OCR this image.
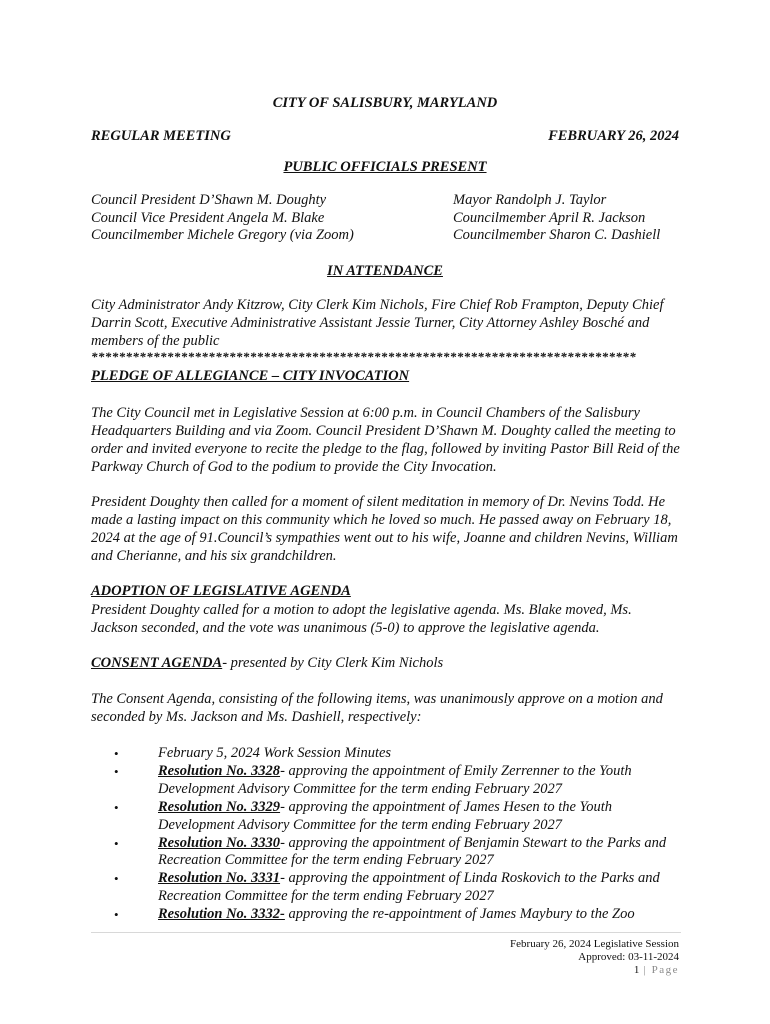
CITY OF SALISBURY, MARYLAND
REGULAR MEETING	FEBRUARY 26, 2024
PUBLIC OFFICIALS PRESENT
Council President D’Shawn M. Doughty
Council Vice President Angela M. Blake
Councilmember Michele Gregory (via Zoom)
Mayor Randolph J. Taylor
Councilmember April R. Jackson
Councilmember Sharon C. Dashiell
IN ATTENDANCE
City Administrator Andy Kitzrow, City Clerk Kim Nichols, Fire Chief Rob Frampton, Deputy Chief Darrin Scott, Executive Administrative Assistant Jessie Turner, City Attorney Ashley Bosché and members of the public
*******************************************************************************
PLEDGE OF ALLEGIANCE – CITY INVOCATION
The City Council met in Legislative Session at 6:00 p.m. in Council Chambers of the Salisbury Headquarters Building and via Zoom. Council President D’Shawn M. Doughty called the meeting to order and invited everyone to recite the pledge to the flag, followed by inviting Pastor Bill Reid of the Parkway Church of God to the podium to provide the City Invocation.
President Doughty then called for a moment of silent meditation in memory of Dr. Nevins Todd. He made a lasting impact on this community which he loved so much. He passed away on February 18, 2024 at the age of 91.Council’s sympathies went out to his wife, Joanne and children Nevins, William and Cherianne, and his six grandchildren.
ADOPTION OF LEGISLATIVE AGENDA
President Doughty called for a motion to adopt the legislative agenda. Ms. Blake moved, Ms. Jackson seconded, and the vote was unanimous (5-0) to approve the legislative agenda.
CONSENT AGENDA- presented by City Clerk Kim Nichols
The Consent Agenda, consisting of the following items, was unanimously approve on a motion and seconded by Ms. Jackson and Ms. Dashiell, respectively:
•	February 5, 2024 Work Session Minutes
•	Resolution No. 3328- approving the appointment of Emily Zerrenner to the Youth Development Advisory Committee for the term ending February 2027
•	Resolution No. 3329- approving the appointment of James Hesen to the Youth Development Advisory Committee for the term ending February 2027
•	Resolution No. 3330- approving the appointment of Benjamin Stewart to the Parks and Recreation Committee for the term ending February 2027
•	Resolution No. 3331- approving the appointment of Linda Roskovich to the Parks and Recreation Committee for the term ending February 2027
•	Resolution No. 3332- approving the re-appointment of James Maybury to the Zoo
February 26, 2024 Legislative Session
Approved: 03-11-2024
1 | Page
